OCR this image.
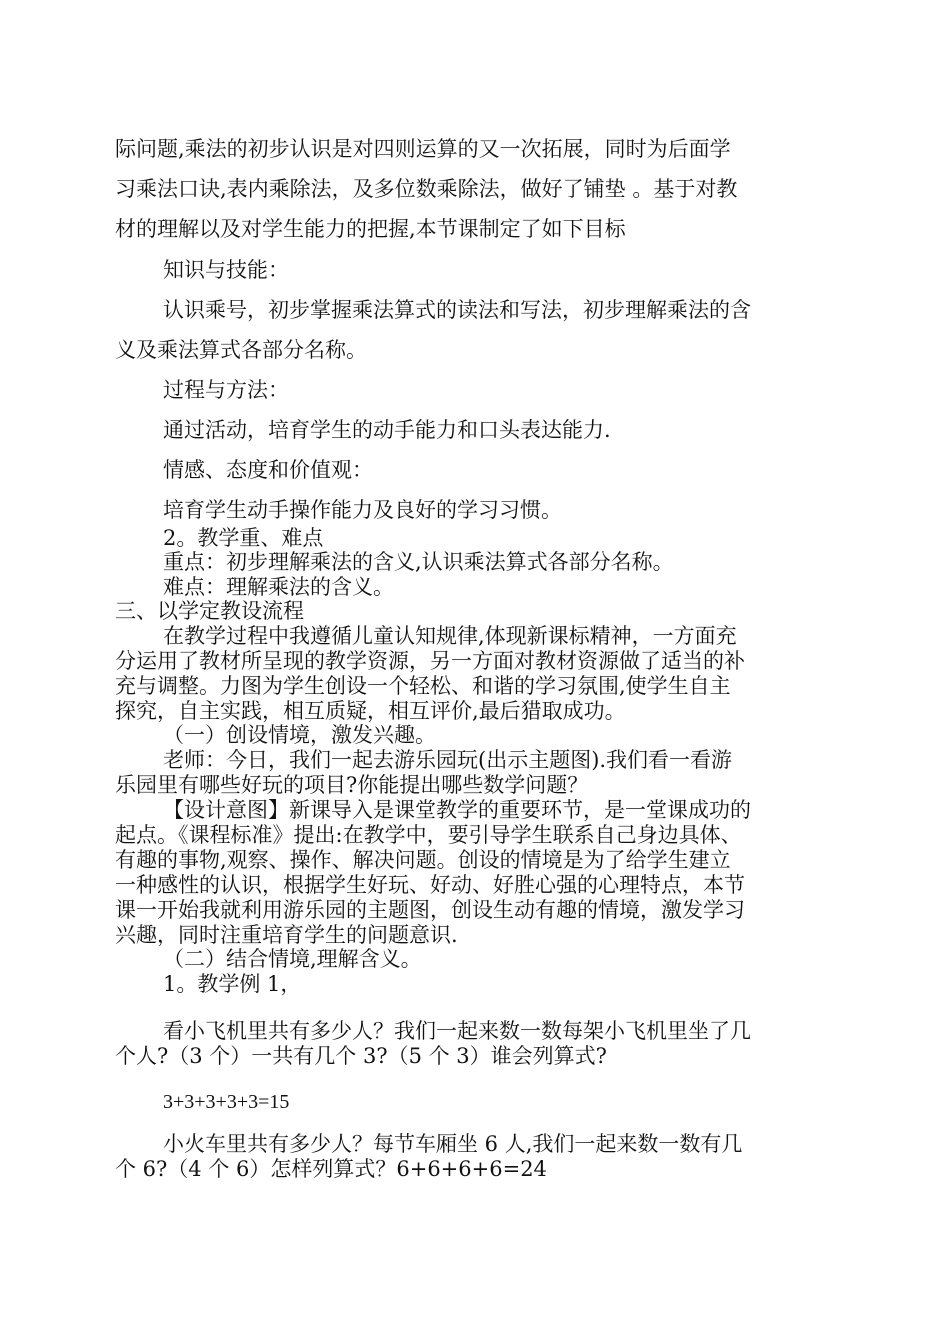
际问题,乘法的初步认识是对四则运算的又一次拓展，同时为后面学
习乘法口诀,表内乘除法，及多位数乘除法，做好了铺垫 。基于对教
材的理解以及对学生能力的把握,本节课制定了如下目标
知识与技能：
认识乘号，初步掌握乘法算式的读法和写法，初步理解乘法的含
义及乘法算式各部分名称。
过程与方法：
通过活动，培育学生的动手能力和口头表达能力.
情感、态度和价值观：
培育学生动手操作能力及良好的学习习惯。
2。教学重、难点
重点：初步理解乘法的含义,认识乘法算式各部分名称。
难点：理解乘法的含义。
三、以学定教设流程
在教学过程中我遵循儿童认知规律,体现新课标精神，一方面充
分运用了教材所呈现的教学资源，另一方面对教材资源做了适当的补
充与调整。力图为学生创设一个轻松、和谐的学习氛围,使学生自主
探究，自主实践，相互质疑，相互评价,最后猎取成功。
（一）创设情境，激发兴趣。
老师：今日，我们一起去游乐园玩(出示主题图).我们看一看游
乐园里有哪些好玩的项目?你能提出哪些数学问题？
【设计意图】新课导入是课堂教学的重要环节，是一堂课成功的
起点。《课程标准》提出:在教学中，要引导学生联系自己身边具体、
有趣的事物,观察、操作、解决问题。创设的情境是为了给学生建立
一种感性的认识，根据学生好玩、好动、好胜心强的心理特点，本节
课一开始我就利用游乐园的主题图，创设生动有趣的情境，激发学习
兴趣，同时注重培育学生的问题意识.
（二）结合情境,理解含义。
1。教学例 1，
看小飞机里共有多少人？我们一起来数一数每架小飞机里坐了几
个人?（3 个）一共有几个 3?（5 个 3）谁会列算式?
3+3+3+3+3=15
小火车里共有多少人？每节车厢坐 6 人,我们一起来数一数有几
个 6?（4 个 6）怎样列算式？6+6+6+6=24
